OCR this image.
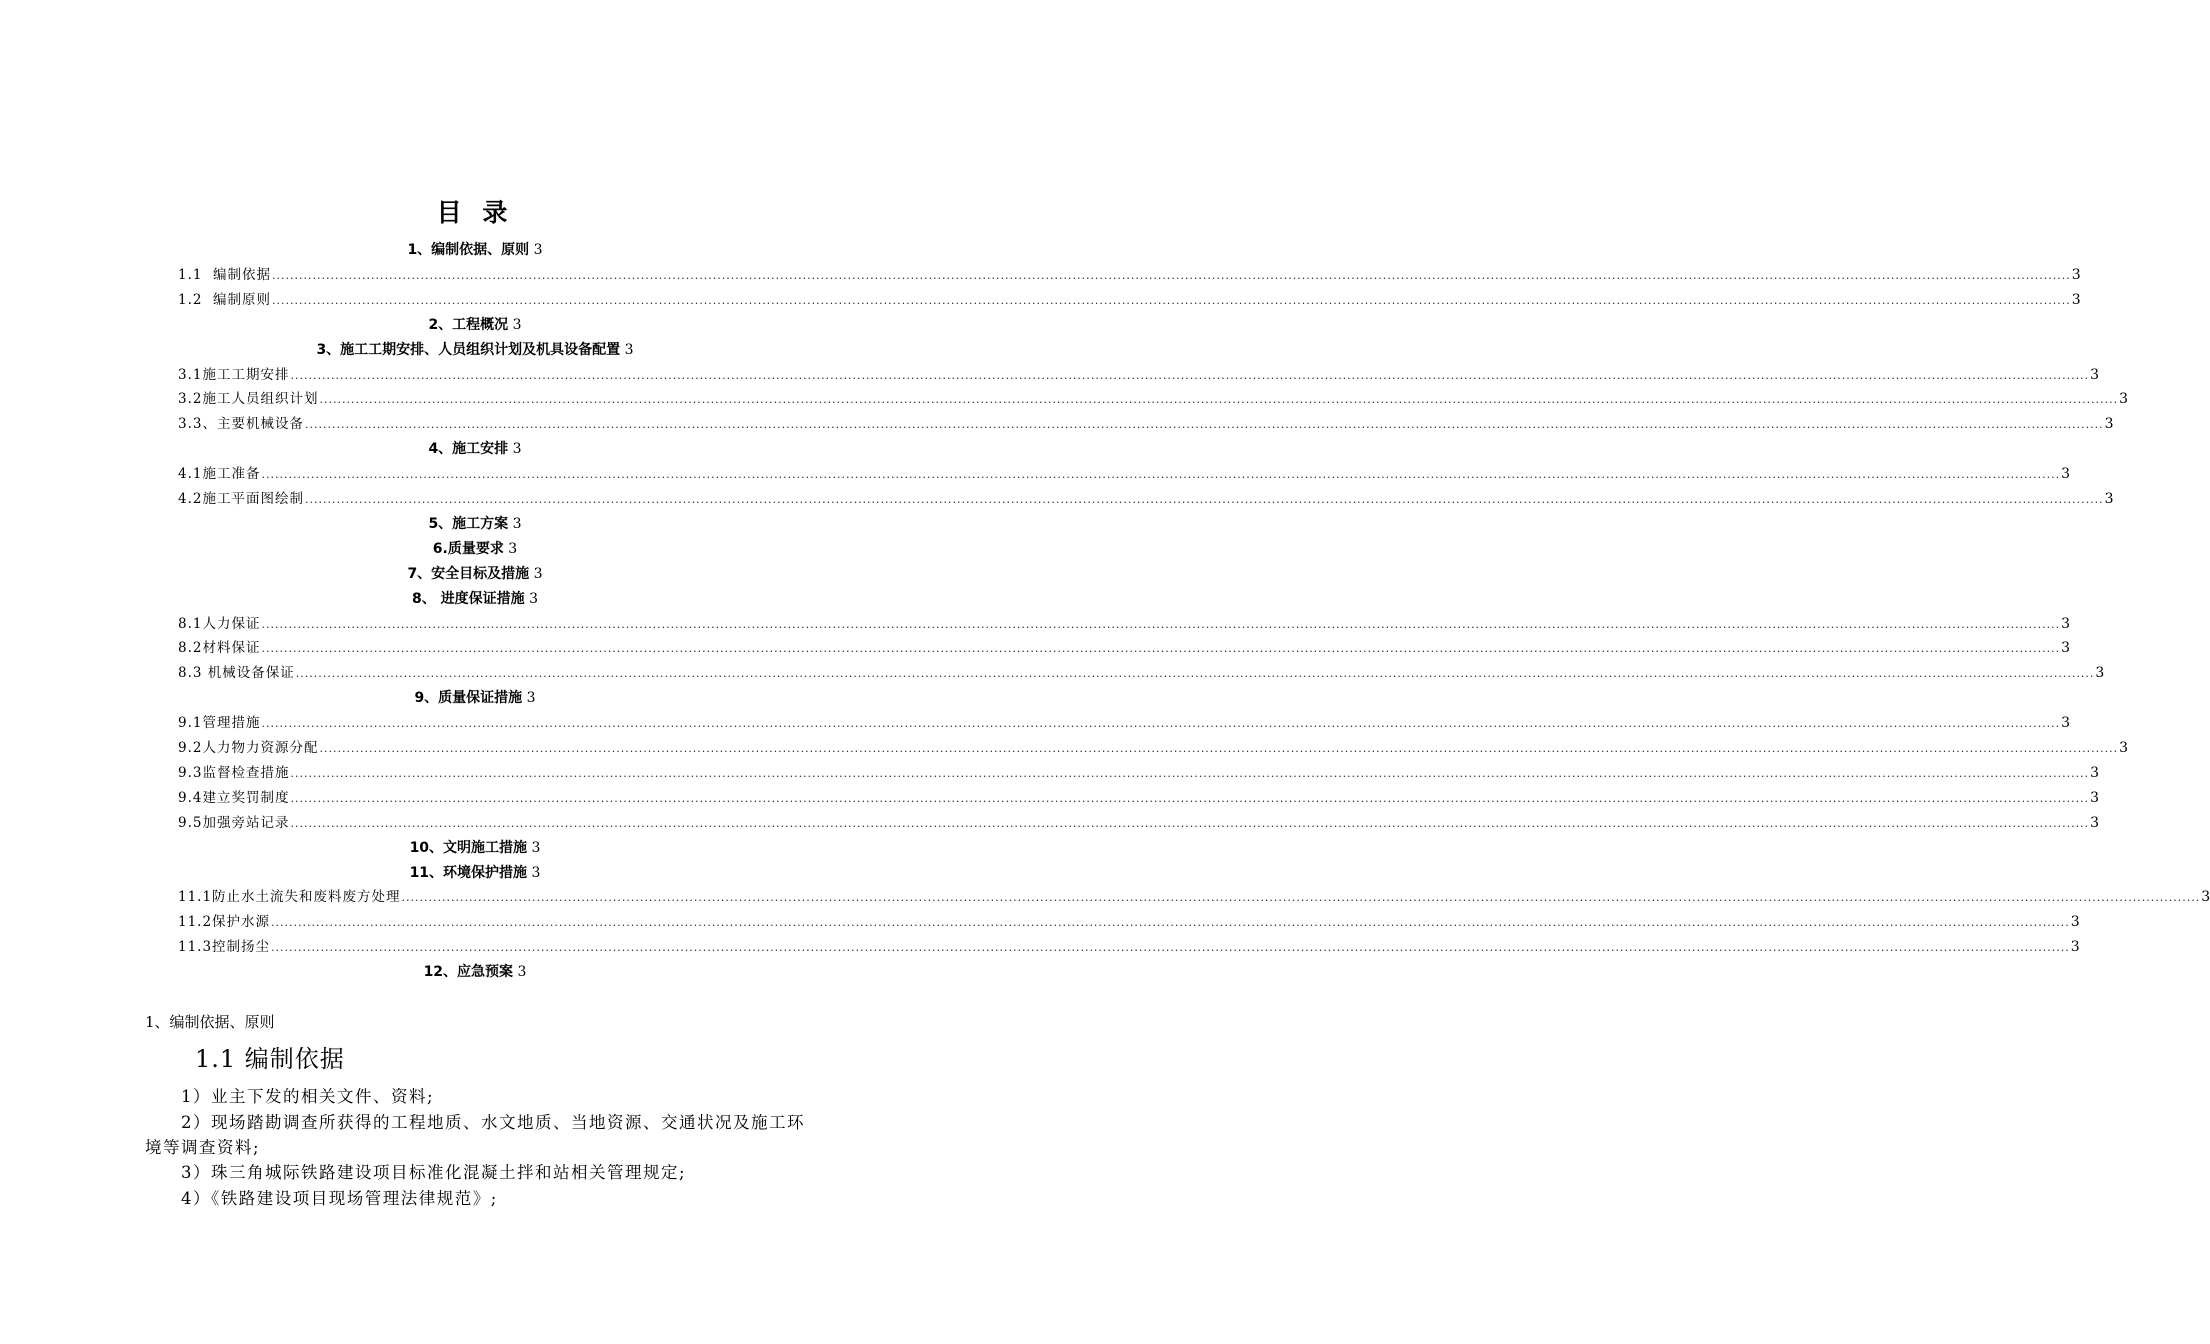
目 录
1、编制依据、原则 3
1.1  编制依据 ................................................................................................................................................................................................................................................................................................................................................................................................................ 3
1.2  编制原则 ................................................................................................................................................................................................................................................................................................................................................................................................................ 3
2、工程概况 3
3、施工工期安排、人员组织计划及机具设备配置 3
3.1施工工期安排 ................................................................................................................................................................................................................................................................................................................................................................................................................ 3
3.2施工人员组织计划 ................................................................................................................................................................................................................................................................................................................................................................................................................ 3
3.3、主要机械设备 ................................................................................................................................................................................................................................................................................................................................................................................................................ 3
4、施工安排 3
4.1施工准备 ................................................................................................................................................................................................................................................................................................................................................................................................................ 3
4.2施工平面图绘制 ................................................................................................................................................................................................................................................................................................................................................................................................................ 3
5、施工方案 3
6.质量要求 3
7、安全目标及措施 3
8、 进度保证措施 3
8.1人力保证 ................................................................................................................................................................................................................................................................................................................................................................................................................ 3
8.2材料保证 ................................................................................................................................................................................................................................................................................................................................................................................................................ 3
8.3 机械设备保证 ................................................................................................................................................................................................................................................................................................................................................................................................................ 3
9、质量保证措施 3
9.1管理措施 ................................................................................................................................................................................................................................................................................................................................................................................................................ 3
9.2人力物力资源分配 ................................................................................................................................................................................................................................................................................................................................................................................................................ 3
9.3监督检查措施 ................................................................................................................................................................................................................................................................................................................................................................................................................ 3
9.4建立奖罚制度 ................................................................................................................................................................................................................................................................................................................................................................................................................ 3
9.5加强旁站记录 ................................................................................................................................................................................................................................................................................................................................................................................................................ 3
10、文明施工措施 3
11、环境保护措施 3
11.1防止水土流失和废料废方处理 ................................................................................................................................................................................................................................................................................................................................................................................................................ 3
11.2保护水源 ................................................................................................................................................................................................................................................................................................................................................................................................................ 3
11.3控制扬尘 ................................................................................................................................................................................................................................................................................................................................................................................................................ 3
12、应急预案 3
1、编制依据、原则
1.1 编制依据
1）业主下发的相关文件、资料;
2）现场踏勘调查所获得的工程地质、水文地质、当地资源、交通状况及施工环境等调查资料;
3）珠三角城际铁路建设项目标准化混凝土拌和站相关管理规定;
4）《铁路建设项目现场管理法律规范》;
